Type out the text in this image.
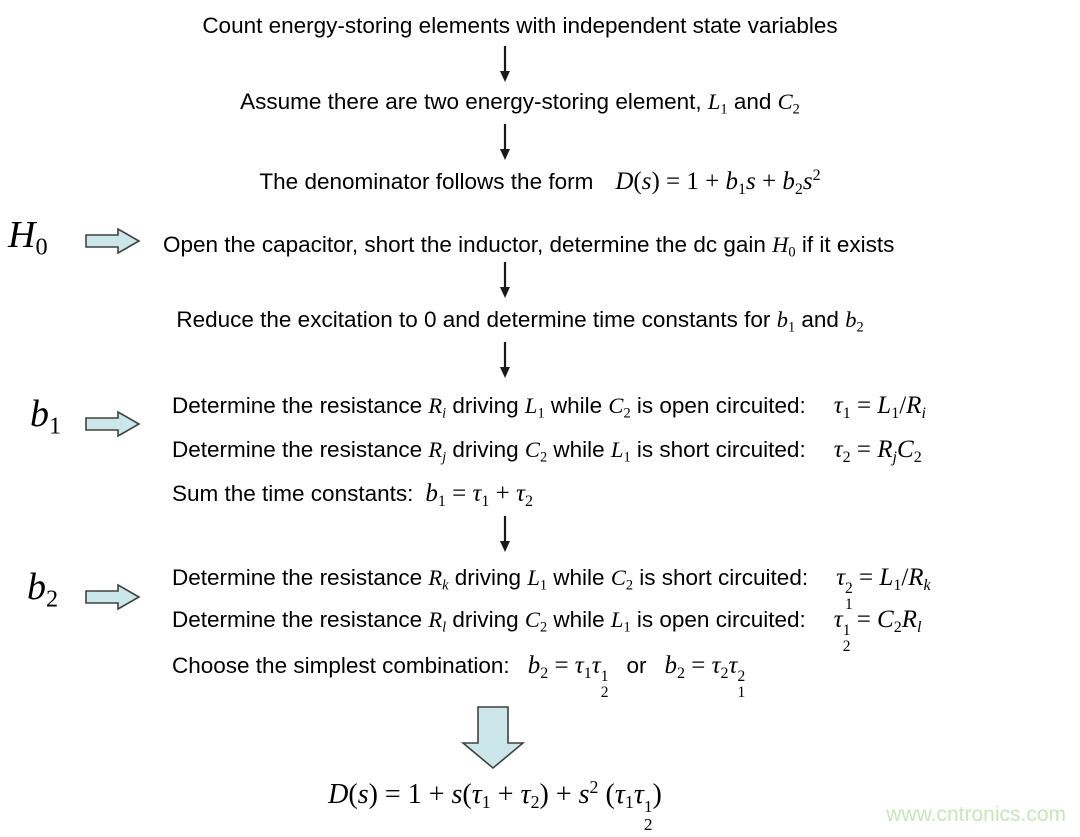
Count energy-storing elements with independent state variables
Assume there are two energy-storing element, L1 and C2
The denominator follows the form $D(s) = 1 + b1s + b2s^2$
H0	Open the capacitor, short the inductor, determine the dc gain H0 if it exists
Reduce the excitation to 0 and determine time constants for b1 and b2
b1
Determine the resistance Ri driving L1 while C2 is open circuited: τ1 = L1/Ri
Determine the resistance Rj driving C2 while L1 is short circuited: τ2 = RjC2
Sum the time constants: b1 = τ1 + τ2
b2
Determine the resistance Rk driving L1 while C2 is short circuited: τ 2
1
= L1/Rk
Determine the resistance Rl driving C2 while L1 is open circuited: τ 1
2
= C2Rl
Choose the simplest combination: b2 = τ1τ 1
2
or b2 = τ2τ 2
1
$D(s) = 1 + s(\tau 1 + \tau 2) + s^2$ (τ1τ 1
2
)
www.cntronics.com
